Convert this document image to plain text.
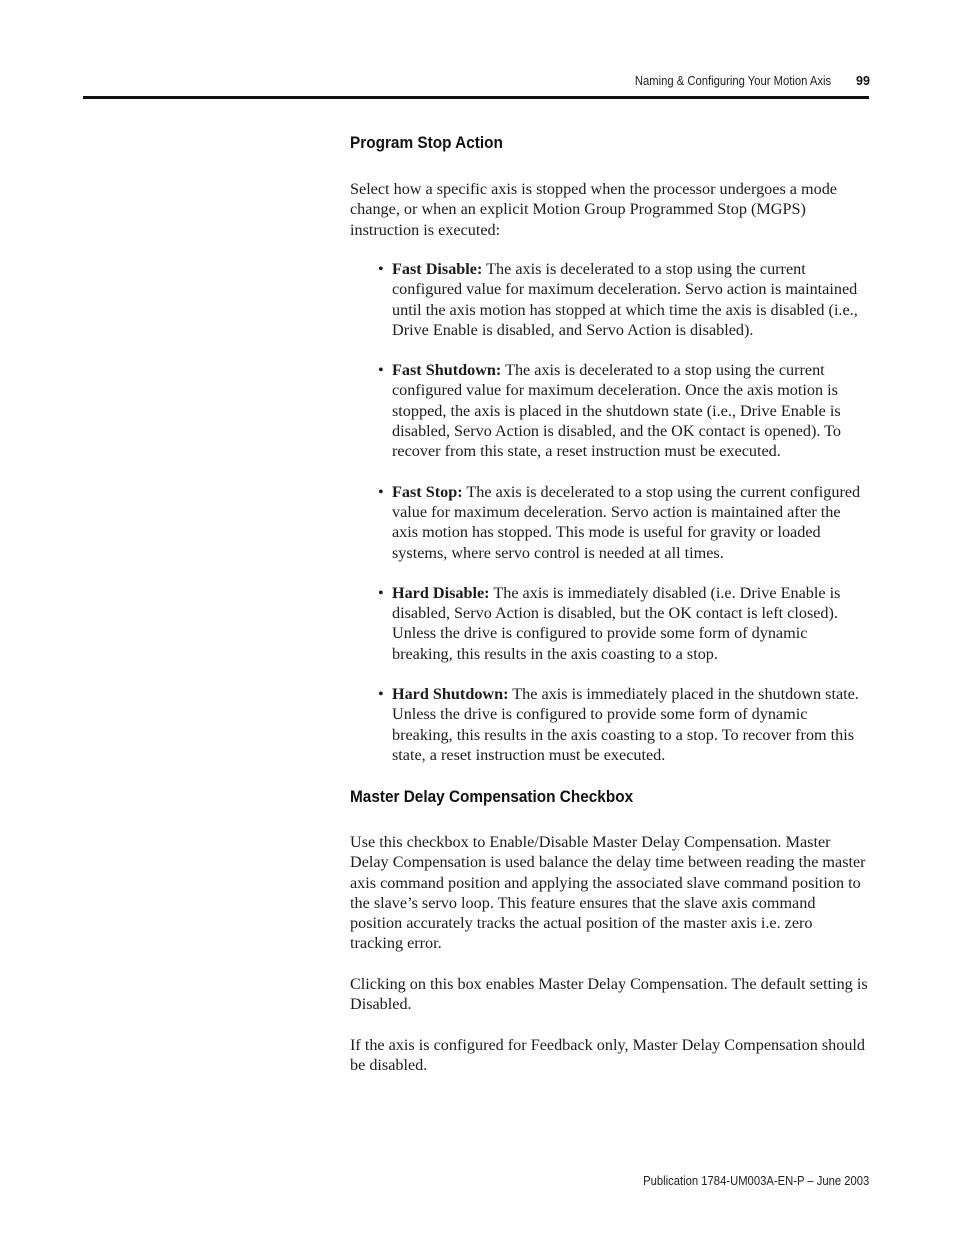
Naming & Configuring Your Motion Axis 99
Program Stop Action

Select how a specific axis is stopped when the processor undergoes a mode change, or when an explicit Motion Group Programmed Stop (MGPS) instruction is executed:

• Fast Disable: The axis is decelerated to a stop using the current configured value for maximum deceleration. Servo action is maintained until the axis motion has stopped at which time the axis is disabled (i.e., Drive Enable is disabled, and Servo Action is disabled).
• Fast Shutdown: The axis is decelerated to a stop using the current configured value for maximum deceleration. Once the axis motion is stopped, the axis is placed in the shutdown state (i.e., Drive Enable is disabled, Servo Action is disabled, and the OK contact is opened). To recover from this state, a reset instruction must be executed.
• Fast Stop: The axis is decelerated to a stop using the current configured value for maximum deceleration. Servo action is maintained after the axis motion has stopped. This mode is useful for gravity or loaded systems, where servo control is needed at all times.
• Hard Disable: The axis is immediately disabled (i.e. Drive Enable is disabled, Servo Action is disabled, but the OK contact is left closed). Unless the drive is configured to provide some form of dynamic breaking, this results in the axis coasting to a stop.
• Hard Shutdown: The axis is immediately placed in the shutdown state. Unless the drive is configured to provide some form of dynamic breaking, this results in the axis coasting to a stop. To recover from this state, a reset instruction must be executed.
Master Delay Compensation Checkbox

Use this checkbox to Enable/Disable Master Delay Compensation. Master Delay Compensation is used balance the delay time between reading the master axis command position and applying the associated slave command position to the slave’s servo loop. This feature ensures that the slave axis command position accurately tracks the actual position of the master axis i.e. zero tracking error.

Clicking on this box enables Master Delay Compensation. The default setting is Disabled.

If the axis is configured for Feedback only, Master Delay Compensation should be disabled.

Publication 1784-UM003A-EN-P – June 2003
